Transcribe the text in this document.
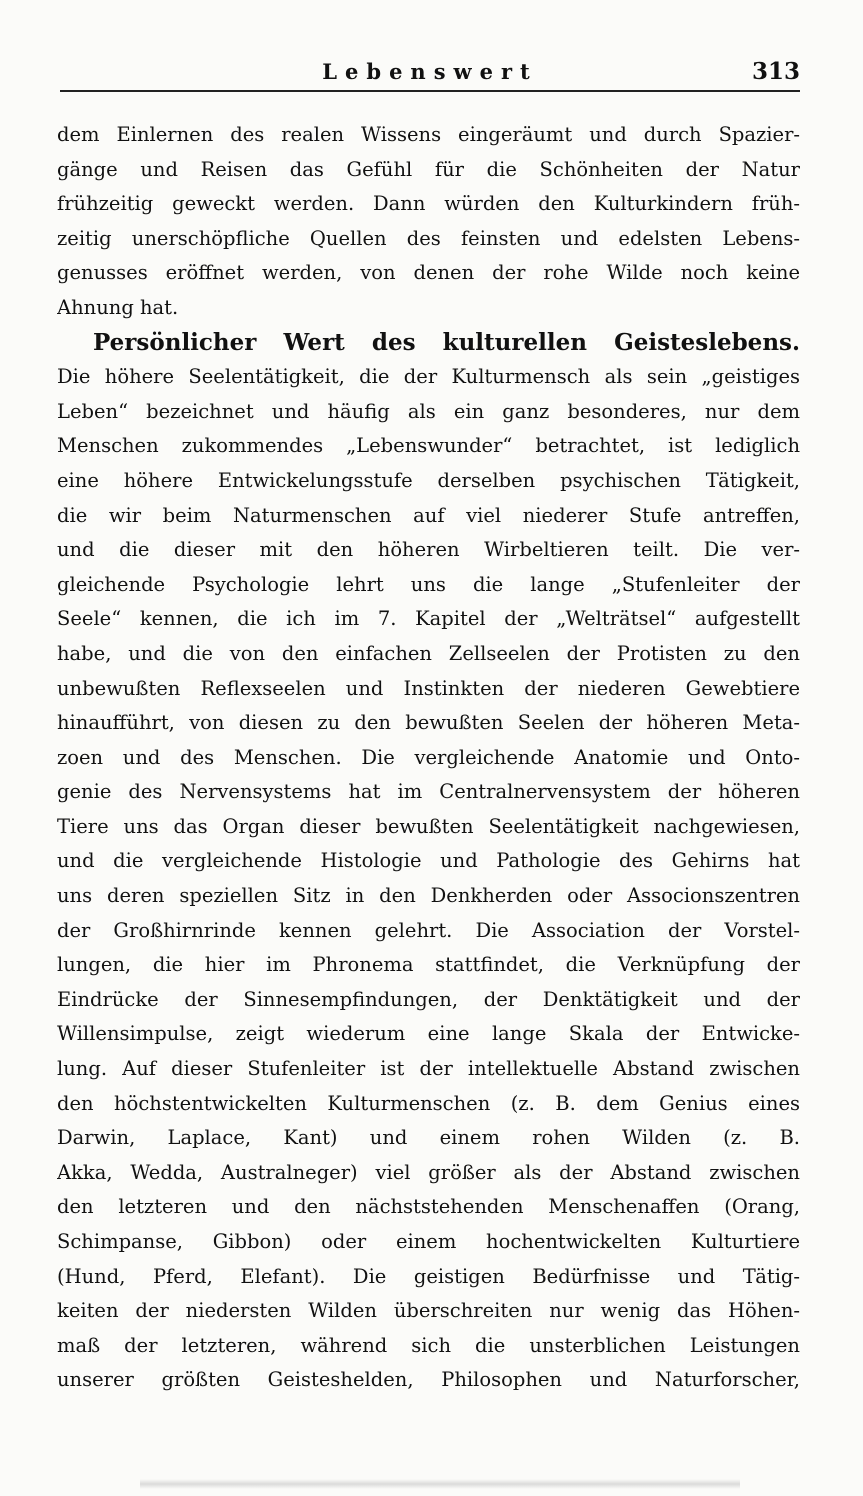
Lebenswert	313
dem Einlernen des realen Wissens eingeräumt und durch Spazier-
gänge und Reisen das Gefühl für die Schönheiten der Natur
frühzeitig geweckt werden. Dann würden den Kulturkindern früh-
zeitig unerschöpfliche Quellen des feinsten und edelsten Lebens-
genusses eröffnet werden, von denen der rohe Wilde noch keine
Ahnung hat.
Persönlicher Wert des kulturellen Geisteslebens.
Die höhere Seelentätigkeit, die der Kulturmensch als sein „geistiges
Leben“ bezeichnet und häufig als ein ganz besonderes, nur dem
Menschen zukommendes „Lebenswunder“ betrachtet, ist lediglich
eine höhere Entwickelungsstufe derselben psychischen Tätigkeit,
die wir beim Naturmenschen auf viel niederer Stufe antreffen,
und die dieser mit den höheren Wirbeltieren teilt. Die ver-
gleichende Psychologie lehrt uns die lange „Stufenleiter der
Seele“ kennen, die ich im 7. Kapitel der „Welträtsel“ aufgestellt
habe, und die von den einfachen Zellseelen der Protisten zu den
unbewußten Reflexseelen und Instinkten der niederen Gewebtiere
hinaufführt, von diesen zu den bewußten Seelen der höheren Meta-
zoen und des Menschen. Die vergleichende Anatomie und Onto-
genie des Nervensystems hat im Centralnervensystem der höheren
Tiere uns das Organ dieser bewußten Seelentätigkeit nachgewiesen,
und die vergleichende Histologie und Pathologie des Gehirns hat
uns deren speziellen Sitz in den Denkherden oder Associonszentren
der Großhirnrinde kennen gelehrt. Die Association der Vorstel-
lungen, die hier im Phronema stattfindet, die Verknüpfung der
Eindrücke der Sinnesempfindungen, der Denktätigkeit und der
Willensimpulse, zeigt wiederum eine lange Skala der Entwicke-
lung. Auf dieser Stufenleiter ist der intellektuelle Abstand zwischen
den höchstentwickelten Kulturmenschen (z. B. dem Genius eines
Darwin, Laplace, Kant) und einem rohen Wilden (z. B.
Akka, Wedda, Australneger) viel größer als der Abstand zwischen
den letzteren und den nächststehenden Menschenaffen (Orang,
Schimpanse, Gibbon) oder einem hochentwickelten Kulturtiere
(Hund, Pferd, Elefant). Die geistigen Bedürfnisse und Tätig-
keiten der niedersten Wilden überschreiten nur wenig das Höhen-
maß der letzteren, während sich die unsterblichen Leistungen
unserer größten Geisteshelden, Philosophen und Naturforscher,
